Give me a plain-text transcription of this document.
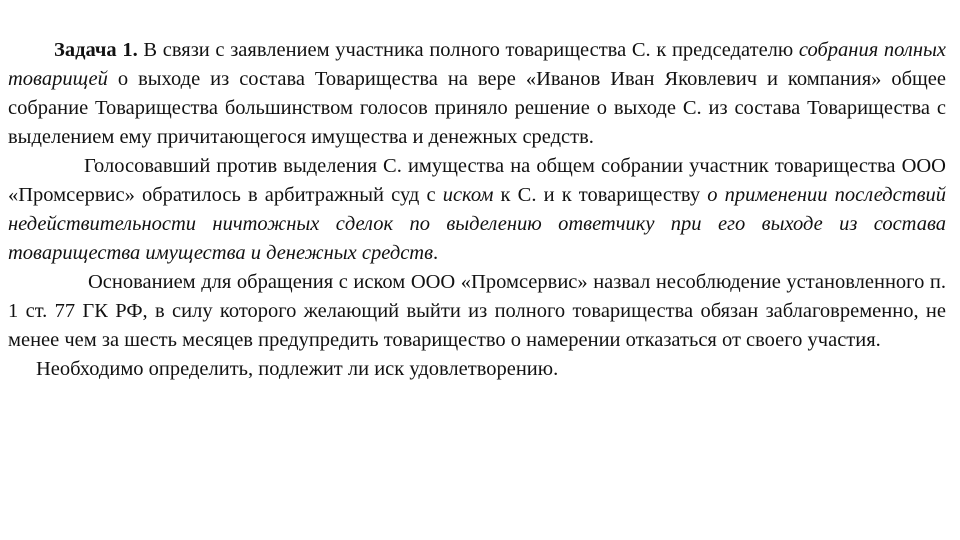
Задача 1. В связи с заявлением участника полного товарищества С. к председателю собрания полных товарищей о выходе из состава Товарищества на вере «Иванов Иван Яковлевич и компания» общее собрание Товарищества большинством голосов приняло решение о выходе С. из состава Товарищества с выделением ему причитающегося имущества и денежных средств.

Голосовавший против выделения С. имущества на общем собрании участник товарищества ООО «Промсервис» обратилось в арбитражный суд с иском к С. и к товариществу о применении последствий недействительности ничтожных сделок по выделению ответчику при его выходе из состава товарищества имущества и денежных средств.

Основанием для обращения с иском ООО «Промсервис» назвал несоблюдение установленного п. 1 ст. 77 ГК РФ, в силу которого желающий выйти из полного товарищества обязан заблаговременно, не менее чем за шесть месяцев предупредить товарищество о намерении отказаться от своего участия.

Необходимо определить, подлежит ли иск удовлетворению.
